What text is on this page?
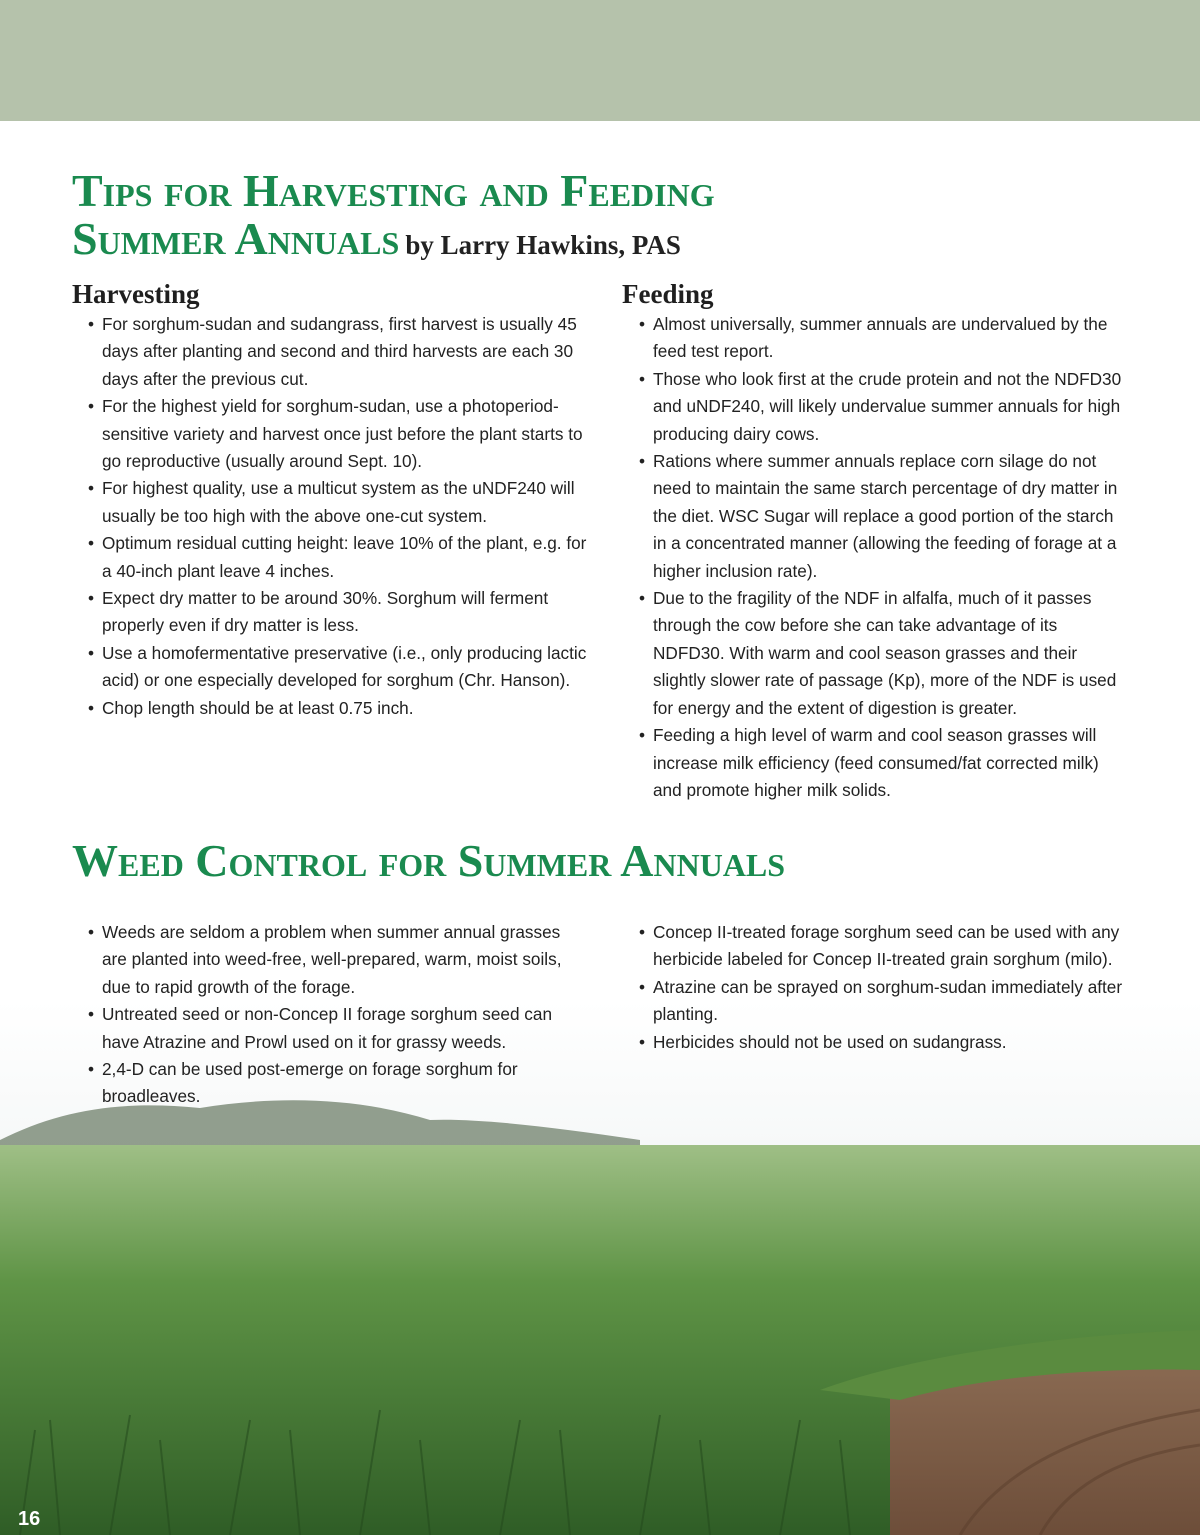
Tips for Harvesting and Feeding
Summer Annuals by Larry Hawkins, PAS
Harvesting	Feeding
• For sorghum-sudan and sudangrass, first harvest is usually 45 days after planting and second and third harvests are each 30 days after the previous cut.
• For the highest yield for sorghum-sudan, use a photoperiod-sensitive variety and harvest once just before the plant starts to go reproductive (usually around Sept. 10).
• For highest quality, use a multicut system as the uNDF240 will usually be too high with the above one-cut system.
• Optimum residual cutting height: leave 10% of the plant, e.g. for a 40-inch plant leave 4 inches.
• Expect dry matter to be around 30%. Sorghum will ferment properly even if dry matter is less.
• Use a homofermentative preservative (i.e., only producing lactic acid) or one especially developed for sorghum (Chr. Hanson).
• Chop length should be at least 0.75 inch.
• Almost universally, summer annuals are undervalued by the feed test report.
• Those who look first at the crude protein and not the NDFD30 and uNDF240, will likely undervalue summer annuals for high producing dairy cows.
• Rations where summer annuals replace corn silage do not need to maintain the same starch percentage of dry matter in the diet. WSC Sugar will replace a good portion of the starch in a concentrated manner (allowing the feeding of forage at a higher inclusion rate).
• Due to the fragility of the NDF in alfalfa, much of it passes through the cow before she can take advantage of its NDFD30. With warm and cool season grasses and their slightly slower rate of passage (Kp), more of the NDF is used for energy and the extent of digestion is greater.
• Feeding a high level of warm and cool season grasses will increase milk efficiency (feed consumed/fat corrected milk) and promote higher milk solids.
Weed Control for Summer Annuals
• Weeds are seldom a problem when summer annual grasses are planted into weed-free, well-prepared, warm, moist soils, due to rapid growth of the forage.
• Untreated seed or non-Concep II forage sorghum seed can have Atrazine and Prowl used on it for grassy weeds.
• 2,4-D can be used post-emerge on forage sorghum for broadleaves.
• Concep II-treated forage sorghum seed can be used with any herbicide labeled for Concep II-treated grain sorghum (milo).
• Atrazine can be sprayed on sorghum-sudan immediately after planting.
• Herbicides should not be used on sudangrass.
16
